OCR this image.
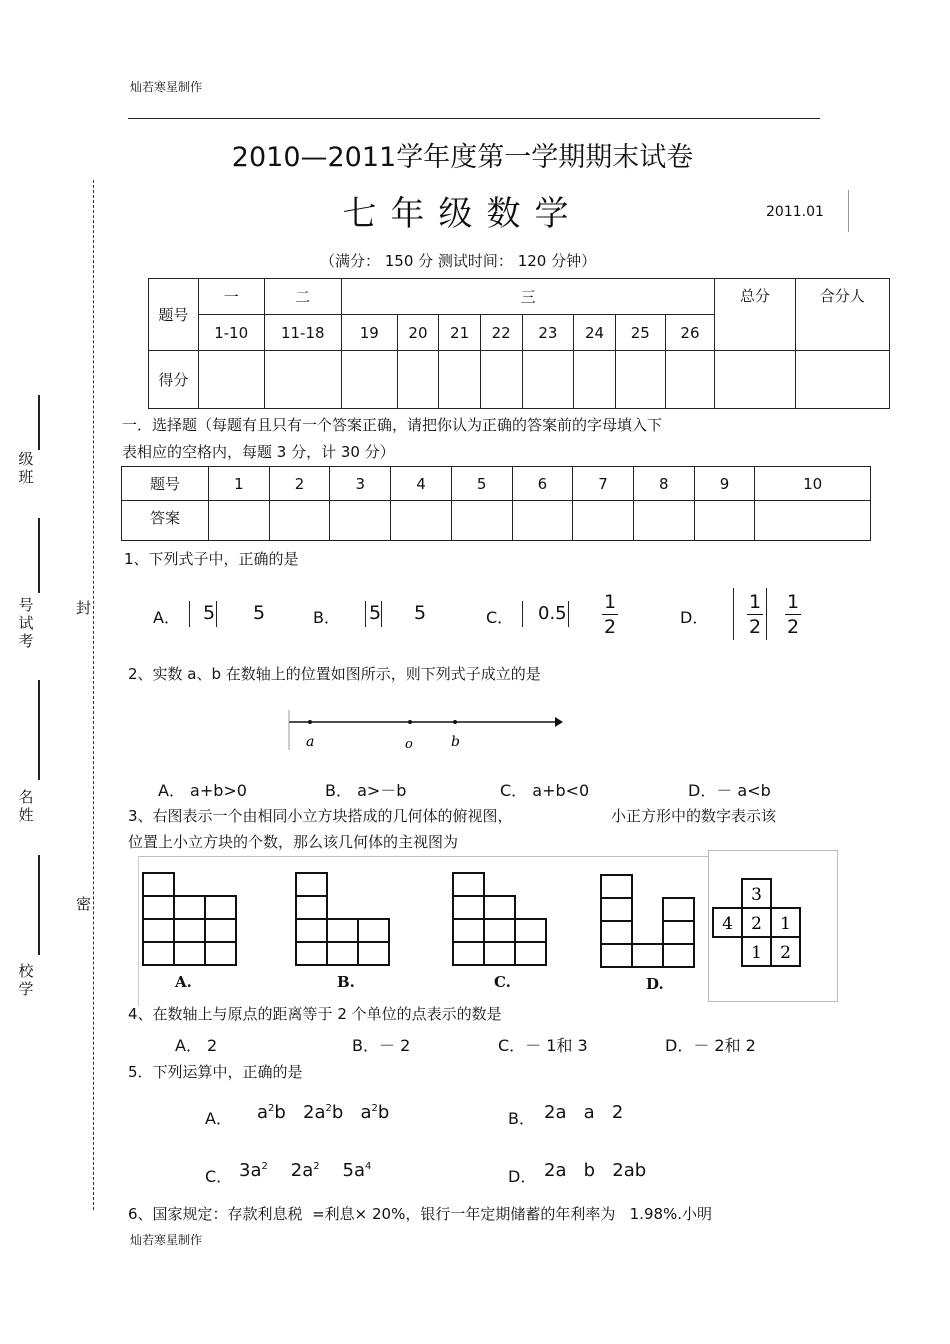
灿若寒星制作
2010—2011学年度第一学期期末试卷
七年级数学	2011.01
（满分： 150 分 测试时间： 120 分钟）
级
班
号
试
考
名
姓
校
学
封
密
题号	一	二	三								总分	合分人
	1-10	11-18	19	20	21	22	23	24	25	26		
得分												
一．选择题（每题有且只有一个答案正确，请把你认为正确的答案前的字母填入下
表相应的空格内，每题 3 分，计 30 分）
题号	1	2	3	4	5	6	7	8	9	10
答案										
1、下列式子中，正确的是
A． 5 5	B． 5 5	C． $0.5 \frac{1}{2}$	D． $\frac{1}{2} \frac{1}{2}$
2、实数 a、b 在数轴上的位置如图所示，则下列式子成立的是
a	o	b
A． a+b>0	B． a>－b	C． a+b<0	D．－ a<b
3、右图表示一个由相同小立方块搭成的几何体的俯视图，	小正方形中的数字表示该
位置上小立方块的个数，那么该几何体的主视图为
A.	B.	C.	D.
3
4 2 1
1 2
4、在数轴上与原点的距离等于 2 个单位的点表示的数是
A． 2	B．－ 2	C．－ 1和 3	D．－ 2和 2
5．下列运算中，正确的是
A． $a^2b$ $2a^2b$ $a^2b$	B． 2a   a   2
C． $3a^2$ $2a^2$ $5a^4$
D． 2a   b   2ab
6、国家规定：存款利息税  =利息× 20%，银行一年定期储蓄的年利率为   1.98%.小明
灿若寒星制作
